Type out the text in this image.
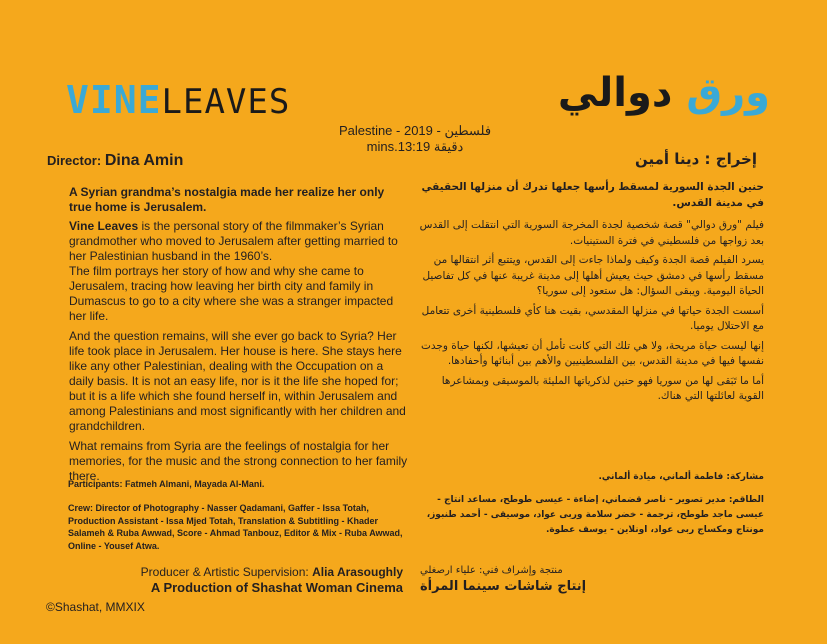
VINELEAVES	ورق دوالي
Palestine - 2019 - فلسطين
mins.13:19 دقيقة
Director: Dina Amin	إخراج : دينا أمين
A Syrian grandma’s nostalgia made her realize her only true home is Jerusalem.

Vine Leaves is the personal story of the filmmaker’s Syrian grandmother who moved to Jerusalem after getting married to her Palestinian husband in the 1960’s.

The film portrays her story of how and why she came to Jerusalem, tracing how leaving her birth city and family in Dumascus to go to a city where she was a stranger impacted her life.

And the question remains, will she ever go back to Syria? Her life took place in Jerusalem. Her house is here. She stays here like any other Palestinian, dealing with the Occupation on a daily basis. It is not an easy life, nor is it the life she hoped for; but it is a life which she found herself in, within Jerusalem and among Palestinians and most significantly with her children and grandchildren.

What remains from Syria are the feelings of nostalgia for her memories, for the music and the strong connection to her family there.

Participants: Fatmeh Almani, Mayada Al-Mani.
Crew: Director of Photography - Nasser Qadamani, Gaffer - Issa Totah, Production Assistant - Issa Mjed Totah, Translation & Subtitling - Khader Salameh & Ruba Awwad, Score - Ahmad Tanbouz, Editor & Mix - Ruba Awwad, Online - Yousef Atwa.
حنين الجدة السورية لمسقط رأسها جعلها تدرك أن منزلها الحقيقي في مدينة القدس.

فيلم "ورق دوالي" قصة شخصية لجدة المخرجة السورية التي انتقلت إلى القدس بعد زواجها من فلسطيني في فترة الستينيات.

يسرد الفيلم قصة الجدة وكيف ولماذا جاءت إلى القدس، ويتتبع أثر انتقالها من مسقط رأسها في دمشق حيث يعيش أهلها إلى مدينة غريبة عنها في كل تفاصيل الحياة اليومية. ويبقى السؤال: هل ستعود إلى سوريا؟

أسست الجدة حياتها في منزلها المقدسي، بقيت هنا كأي فلسطينية أخرى تتعامل مع الاحتلال يوميا.

إنها ليست حياة مريحة، ولا هي تلك التي كانت تأمل أن تعيشها، لكنها حياة وجدت نفسها فيها في مدينة القدس، بين الفلسطينيين والأهم بين أبنائها وأحفادها.

أما ما تَبَقى لها من سوريا فهو حنين لذكرياتها المليئة بالموسيقى وبمشاعرها القوية لعائلتها التي هناك.

مشاركة: فاطمة ألماني، ميادة ألماني.
الطاقم: مدير تصوير - ناصر قضماني، إضاءة - عيسى طوطح، مساعد انتاج - عيسى ماجد طوطح، ترجمة - خضر سلامة وربى عواد، موسيقى - أحمد طنبوز، مونتاج ومكساج ربى عواد، اونلاين - يوسف عطوة.
Producer & Artistic Supervision: Alia Arasoughly
A Production of Shashat Woman Cinema
©Shashat, MMXIX
منتجة وإشراف فني: علياء ارصغلي
إنتاج شاشات سينما المرأة
